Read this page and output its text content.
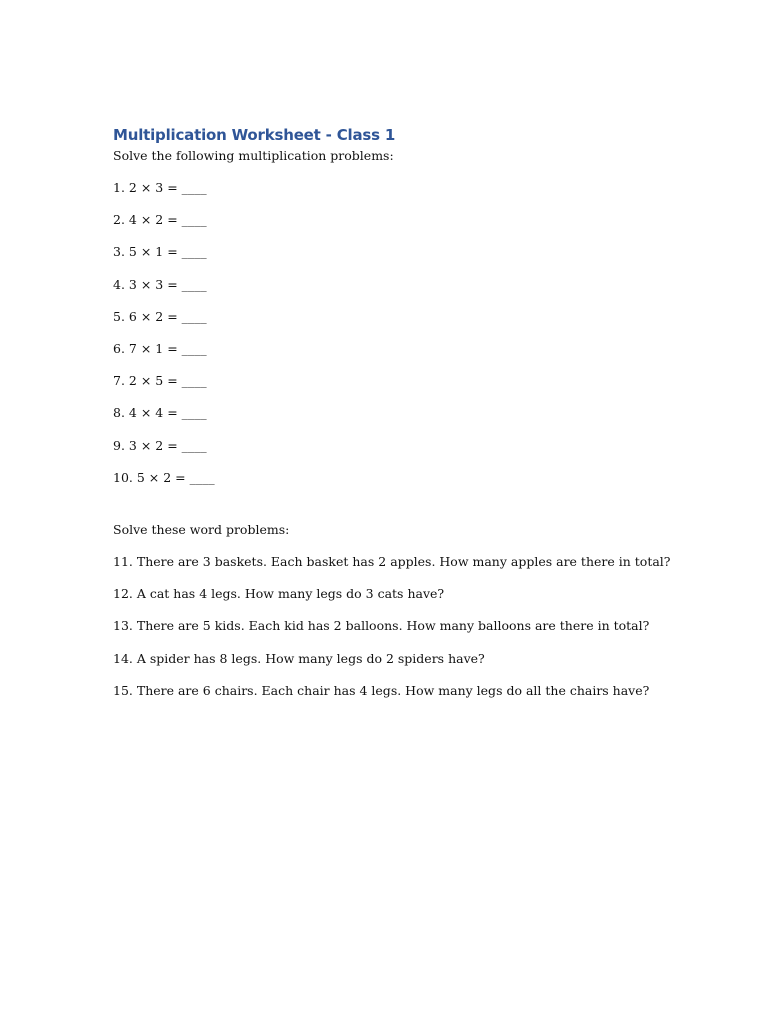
Multiplication Worksheet - Class 1

Solve the following multiplication problems:

1. 2 × 3 = ____
2. 4 × 2 = ____
3. 5 × 1 = ____
4. 3 × 3 = ____
5. 6 × 2 = ____
6. 7 × 1 = ____
7. 2 × 5 = ____
8. 4 × 4 = ____
9. 3 × 2 = ____
10. 5 × 2 = ____

Solve these word problems:

11. There are 3 baskets. Each basket has 2 apples. How many apples are there in total?
12. A cat has 4 legs. How many legs do 3 cats have?
13. There are 5 kids. Each kid has 2 balloons. How many balloons are there in total?
14. A spider has 8 legs. How many legs do 2 spiders have?
15. There are 6 chairs. Each chair has 4 legs. How many legs do all the chairs have?
